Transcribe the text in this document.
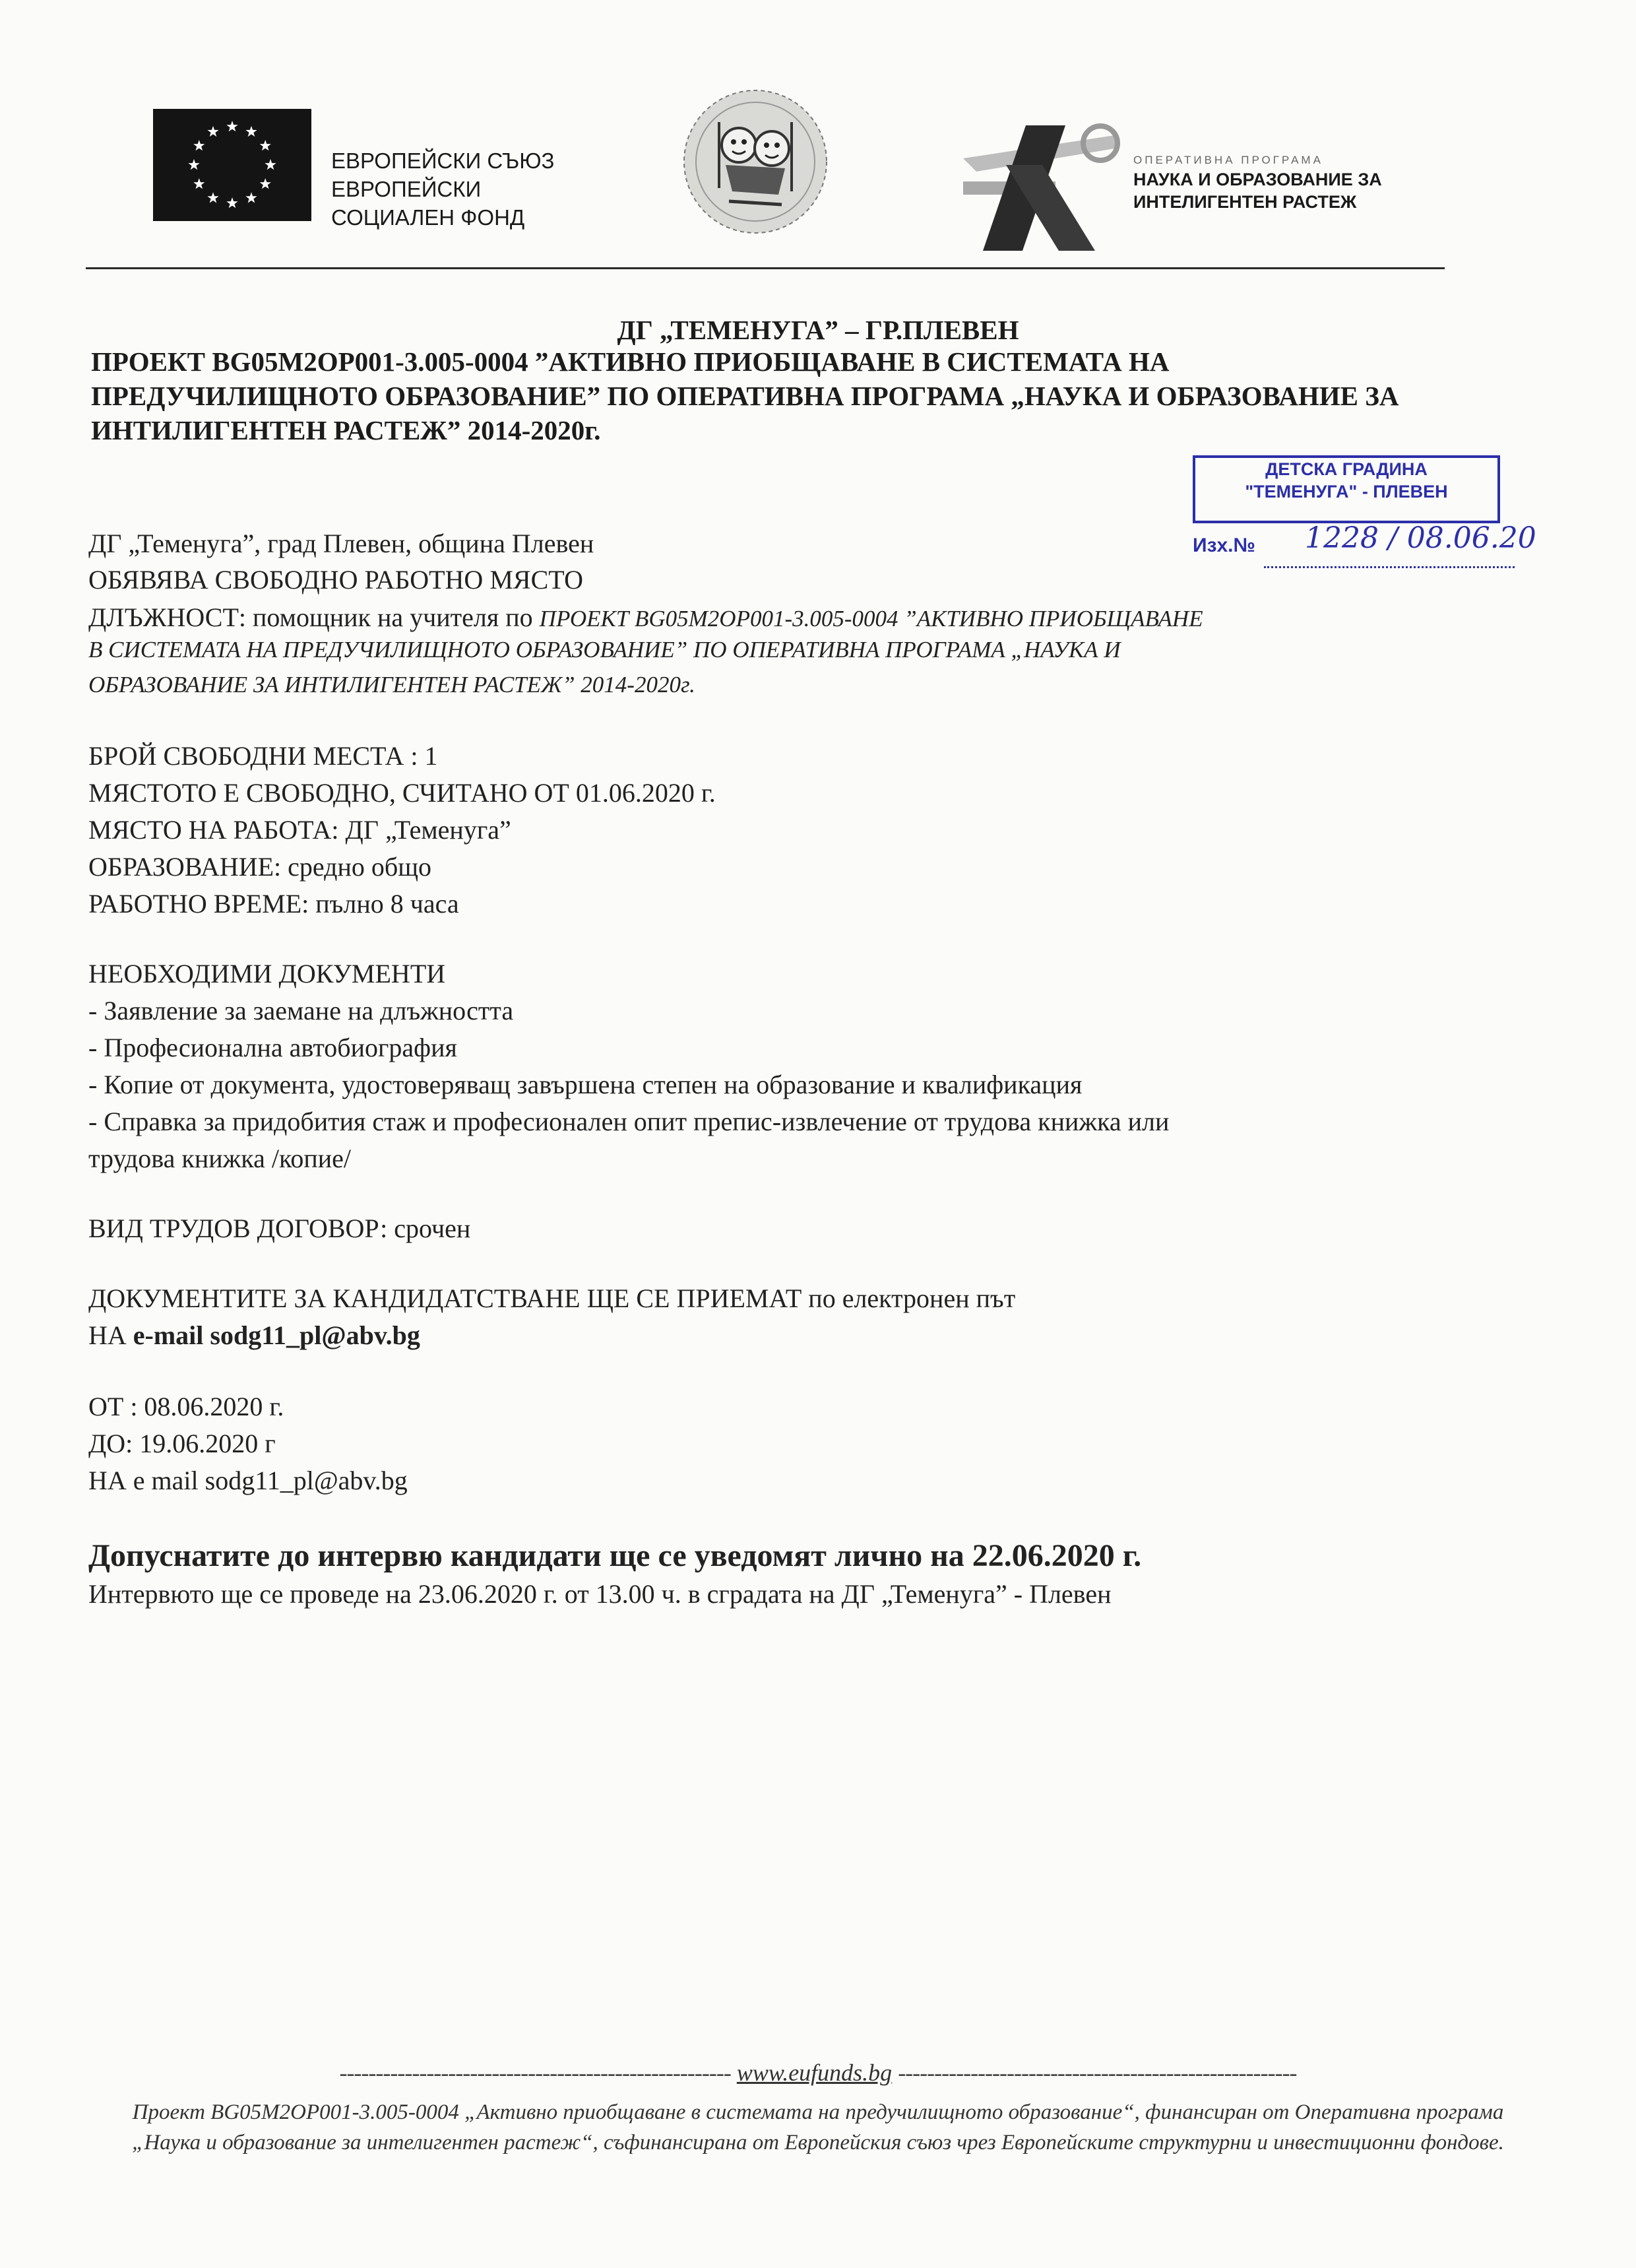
ЕВРОПЕЙСКИ СЪЮЗ
ЕВРОПЕЙСКИ
СОЦИАЛЕН ФОНД
ОПЕРАТИВНА ПРОГРАМА
НАУКА И ОБРАЗОВАНИЕ ЗА
ИНТЕЛИГЕНТЕН РАСТЕЖ
ДГ „ТЕМЕНУГА” – ГР.ПЛЕВЕН
ПРОЕКТ BG05M2OP001-3.005-0004 ”АКТИВНО ПРИОБЩАВАНЕ В СИСТЕМАТА НА ПРЕДУЧИЛИЩНОТО ОБРАЗОВАНИЕ” ПО ОПЕРАТИВНА ПРОГРАМА „НАУКА И ОБРАЗОВАНИЕ ЗА ИНТИЛИГЕНТЕН РАСТЕЖ” 2014-2020г.
ДЕТСКА ГРАДИНА
"ТЕМЕНУГА" - ПЛЕВЕН
Изх.№ 1228 / 08.06.20
ДГ „Теменуга”, град Плевен, община Плевен
ОБЯВЯВА СВОБОДНО РАБОТНО МЯСТО
ДЛЪЖНОСТ: помощник на учителя по ПРОЕКТ BG05M2OP001-3.005-0004 ”АКТИВНО ПРИОБЩАВАНЕ
В СИСТЕМАТА НА ПРЕДУЧИЛИЩНОТО ОБРАЗОВАНИЕ” ПО ОПЕРАТИВНА ПРОГРАМА „НАУКА И
ОБРАЗОВАНИЕ ЗА ИНТИЛИГЕНТЕН РАСТЕЖ” 2014-2020г.
БРОЙ СВОБОДНИ МЕСТА : 1
МЯСТОТО Е СВОБОДНО, СЧИТАНО ОТ 01.06.2020 г.
МЯСТО НА РАБОТА: ДГ „Теменуга”
ОБРАЗОВАНИЕ: средно общо
РАБОТНО ВРЕМЕ: пълно 8 часа
НЕОБХОДИМИ ДОКУМЕНТИ
- Заявление за заемане на длъжността
- Професионална автобиография
- Копие от документа, удостоверяващ завършена степен на образование и квалификация
- Справка за придобития стаж и професионален опит препис-извлечение от трудова книжка или
трудова книжка /копие/
ВИД ТРУДОВ ДОГОВОР: срочен
ДОКУМЕНТИТЕ ЗА КАНДИДАТСТВАНЕ ЩЕ СЕ ПРИЕМАТ по електронен път
НА e-mail sodg11_pl@abv.bg
ОТ : 08.06.2020 г.
ДО: 19.06.2020 г
НА e mail sodg11_pl@abv.bg
Допуснатите до интервю кандидати ще се уведомят лично на 22.06.2020 г.
Интервюто ще се проведе на 23.06.2020 г. от 13.00 ч. в сградата на ДГ „Теменуга” - Плевен
------------------------------------------------------ www.eufunds.bg -------------------------------------------------------
Проект BG05M2OP001-3.005-0004 „Активно приобщаване в системата на предучилищното образование“, финансиран от Оперативна програма „Наука и образование за интелигентен растеж“, съфинансирана от Европейския съюз чрез Европейските структурни и инвестиционни фондове.
